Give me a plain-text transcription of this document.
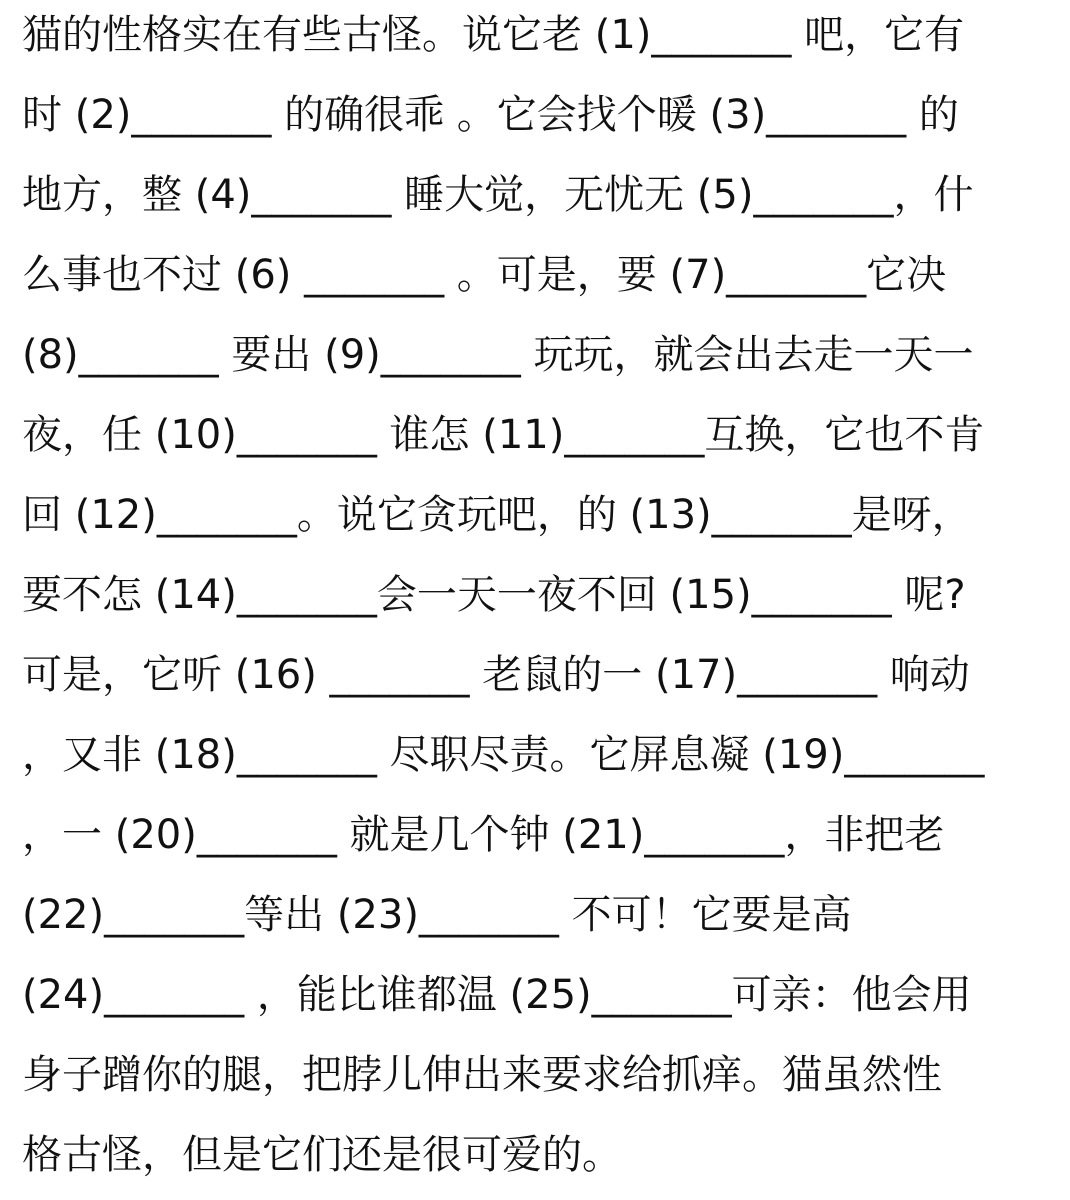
猫的性格实在有些古怪。说它老 (1)_______ 吧，它有
时 (2)_______ 的确很乖 。它会找个暖 (3)_______ 的
地方，整 (4)_______ 睡大觉，无忧无 (5)_______，什
么事也不过 (6) _______ 。可是，要 (7)_______它决
(8)_______ 要出 (9)_______ 玩玩，就会出去走一天一
夜，任 (10)_______ 谁怎 (11)_______互换，它也不肯
回 (12)_______。说它贪玩吧，的 (13)_______是呀，
要不怎 (14)_______会一天一夜不回 (15)_______ 呢?
可是，它听 (16) _______ 老鼠的一 (17)_______ 响动
，又非 (18)_______ 尽职尽责。它屏息凝 (19)_______
，一 (20)_______ 就是几个钟 (21)_______，非把老
(22)_______等出 (23)_______ 不可！它要是高
(24)_______ ，能比谁都温 (25)_______可亲：他会用
身子蹭你的腿，把脖儿伸出来要求给抓痒。猫虽然性
格古怪，但是它们还是很可爱的。
